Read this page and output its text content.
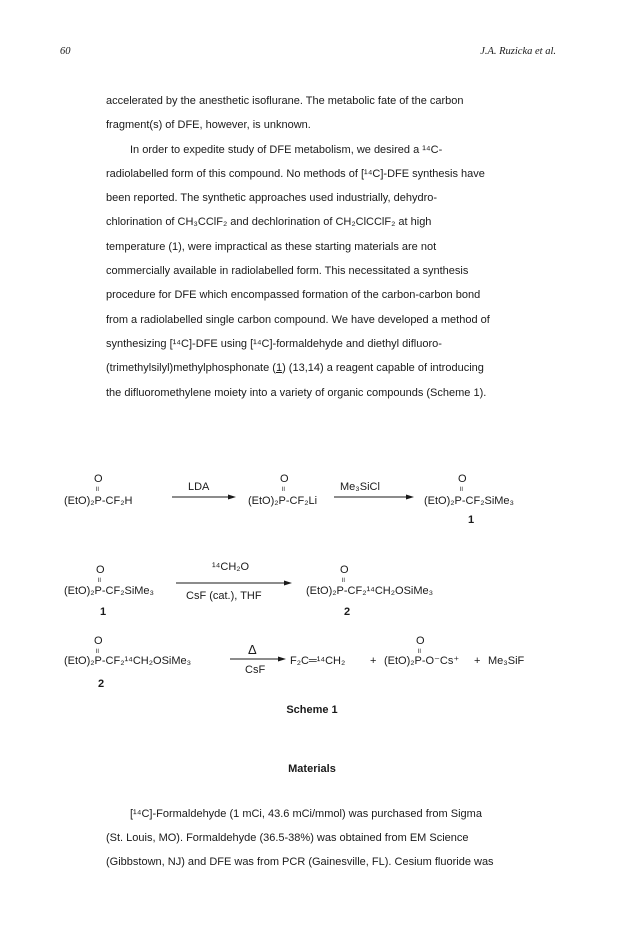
60	J.A. Ruzicka et al.

accelerated by the anesthetic isoflurane. The metabolic fate of the carbon

fragment(s) of DFE, however, is unknown.

In order to expedite study of DFE metabolism, we desired a ¹⁴C-

radiolabelled form of this compound. No methods of [¹⁴C]-DFE synthesis have

been reported. The synthetic approaches used industrially, dehydro-

chlorination of CH₃CClF₂ and dechlorination of CH₂ClCClF₂ at high

temperature (1), were impractical as these starting materials are not

commercially available in radiolabelled form. This necessitated a synthesis

procedure for DFE which encompassed formation of the carbon-carbon bond

from a radiolabelled single carbon compound. We have developed a method of

synthesizing [¹⁴C]-DFE using [¹⁴C]-formaldehyde and diethyl difluoro-

(trimethylsilyl)methylphosphonate (1) (13,14) a reagent capable of introducing

the difluoromethylene moiety into a variety of organic compounds (Scheme 1).

O
॥
(EtO)₂P-CF₂H
LDA
O
॥
(EtO)₂P-CF₂Li
Me₃SiCl
O
॥
(EtO)₂P-CF₂SiMe₃
1
O
॥
(EtO)₂P-CF₂SiMe₃
1
¹⁴CH₂O
CsF (cat.), THF
O
॥
(EtO)₂P-CF₂¹⁴CH₂OSiMe₃
2
O
॥
(EtO)₂P-CF₂¹⁴CH₂OSiMe₃
2
Δ
CsF
F₂C═¹⁴CH₂ +
O
॥
(EtO)₂P-O⁻Cs⁺ + Me₃SiF
Scheme 1
Materials

[¹⁴C]-Formaldehyde (1 mCi, 43.6 mCi/mmol) was purchased from Sigma

(St. Louis, MO). Formaldehyde (36.5-38%) was obtained from EM Science

(Gibbstown, NJ) and DFE was from PCR (Gainesville, FL). Cesium fluoride was
